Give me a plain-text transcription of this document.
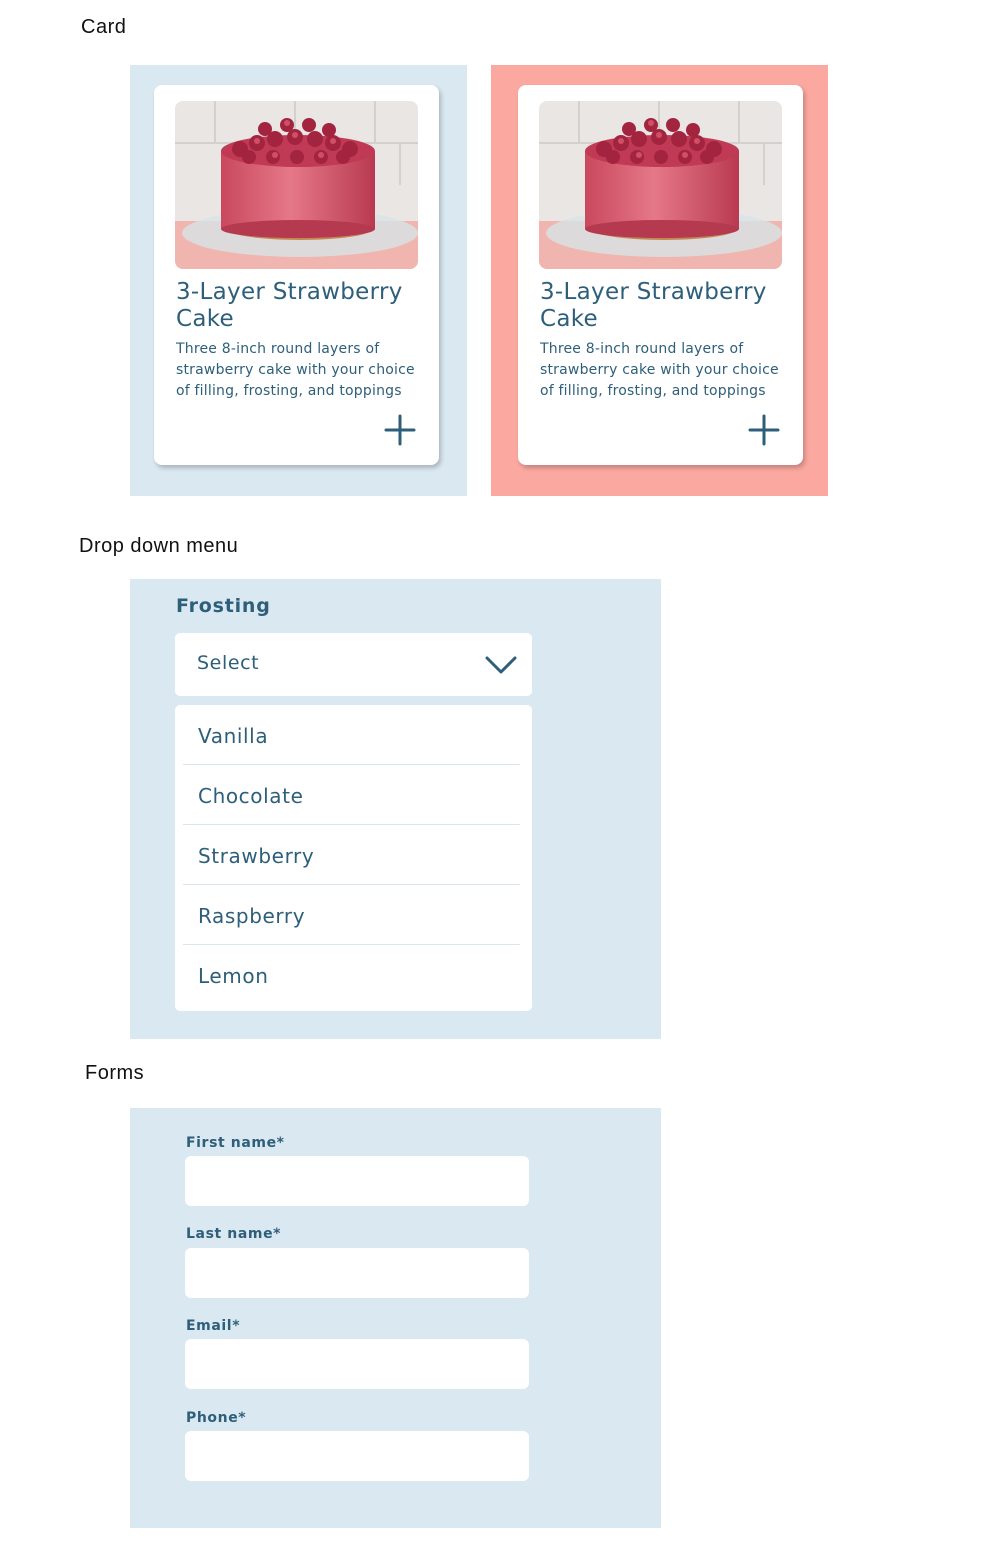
Card
3-Layer Strawberry Cake
Three 8-inch round layers of strawberry cake with your choice of filling, frosting, and toppings
3-Layer Strawberry Cake
Three 8-inch round layers of strawberry cake with your choice of filling, frosting, and toppings
Drop down menu
Frosting
Select
Vanilla
Chocolate
Strawberry
Raspberry
Lemon
Forms
First name*
Last name*
Email*
Phone*
